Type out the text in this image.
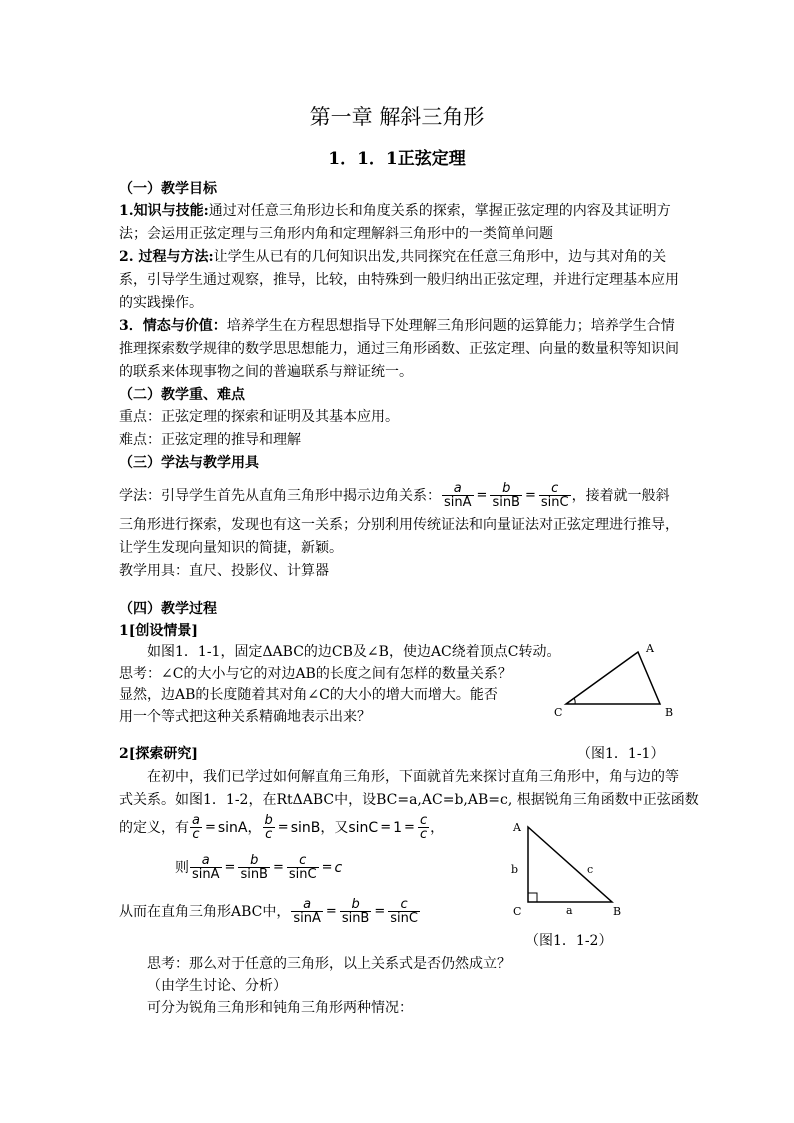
第一章 解斜三角形
1．1．1正弦定理
（一）教学目标
1.知识与技能:通过对任意三角形边长和角度关系的探索，掌握正弦定理的内容及其证明方
法；会运用正弦定理与三角形内角和定理解斜三角形中的一类简单问题
2. 过程与方法:让学生从已有的几何知识出发,共同探究在任意三角形中，边与其对角的关
系，引导学生通过观察，推导，比较，由特殊到一般归纳出正弦定理，并进行定理基本应用
的实践操作。
3．情态与价值：培养学生在方程思想指导下处理解三角形问题的运算能力；培养学生合情
推理探索数学规律的数学思思想能力，通过三角形函数、正弦定理、向量的数量积等知识间
的联系来体现事物之间的普遍联系与辩证统一。
（二）教学重、难点
重点：正弦定理的探索和证明及其基本应用。
难点：正弦定理的推导和理解
（三）学法与教学用具
学法：引导学生首先从直角三角形中揭示边角关系： $\frac{a}{\sin A} = \frac{b}{\sin B} = \frac{c}{\sin C}$ ，接着就一般斜
三角形进行探索，发现也有这一关系；分别利用传统证法和向量证法对正弦定理进行推导，
让学生发现向量知识的简捷，新颖。
教学用具：直尺、投影仪、计算器
（四）教学过程
1[创设情景]
如图1．1-1，固定ΔABC的边CB及∠B，使边AC绕着顶点C转动。
思考：∠C的大小与它的对边AB的长度之间有怎样的数量关系？
显然，边AB的长度随着其对角∠C的大小的增大而增大。能否
用一个等式把这种关系精确地表示出来？
A
C	B
2[探索研究]	（图1．1-1）
在初中，我们已学过如何解直角三角形，下面就首先来探讨直角三角形中，角与边的等
式关系。如图1．1-2，在RtΔABC中，设BC=a,AC=b,AB=c, 根据锐角三角函数中正弦函数
的定义，有 $\frac{a}{c} = \sin A$， $\frac{b}{c} = \sin B$，又$\sin C = 1 = \frac{c}{c}$ ，
则 $\frac{a}{\sin A} = \frac{b}{\sin B} = \frac{c}{\sin C} = c$
从而在直角三角形ABC中， $\frac{a}{\sin A} = \frac{b}{\sin B} = \frac{c}{\sin C}$
A
C	B
b	c
a
（图1．1-2）
思考：那么对于任意的三角形，以上关系式是否仍然成立？
（由学生讨论、分析）
可分为锐角三角形和钝角三角形两种情况：
